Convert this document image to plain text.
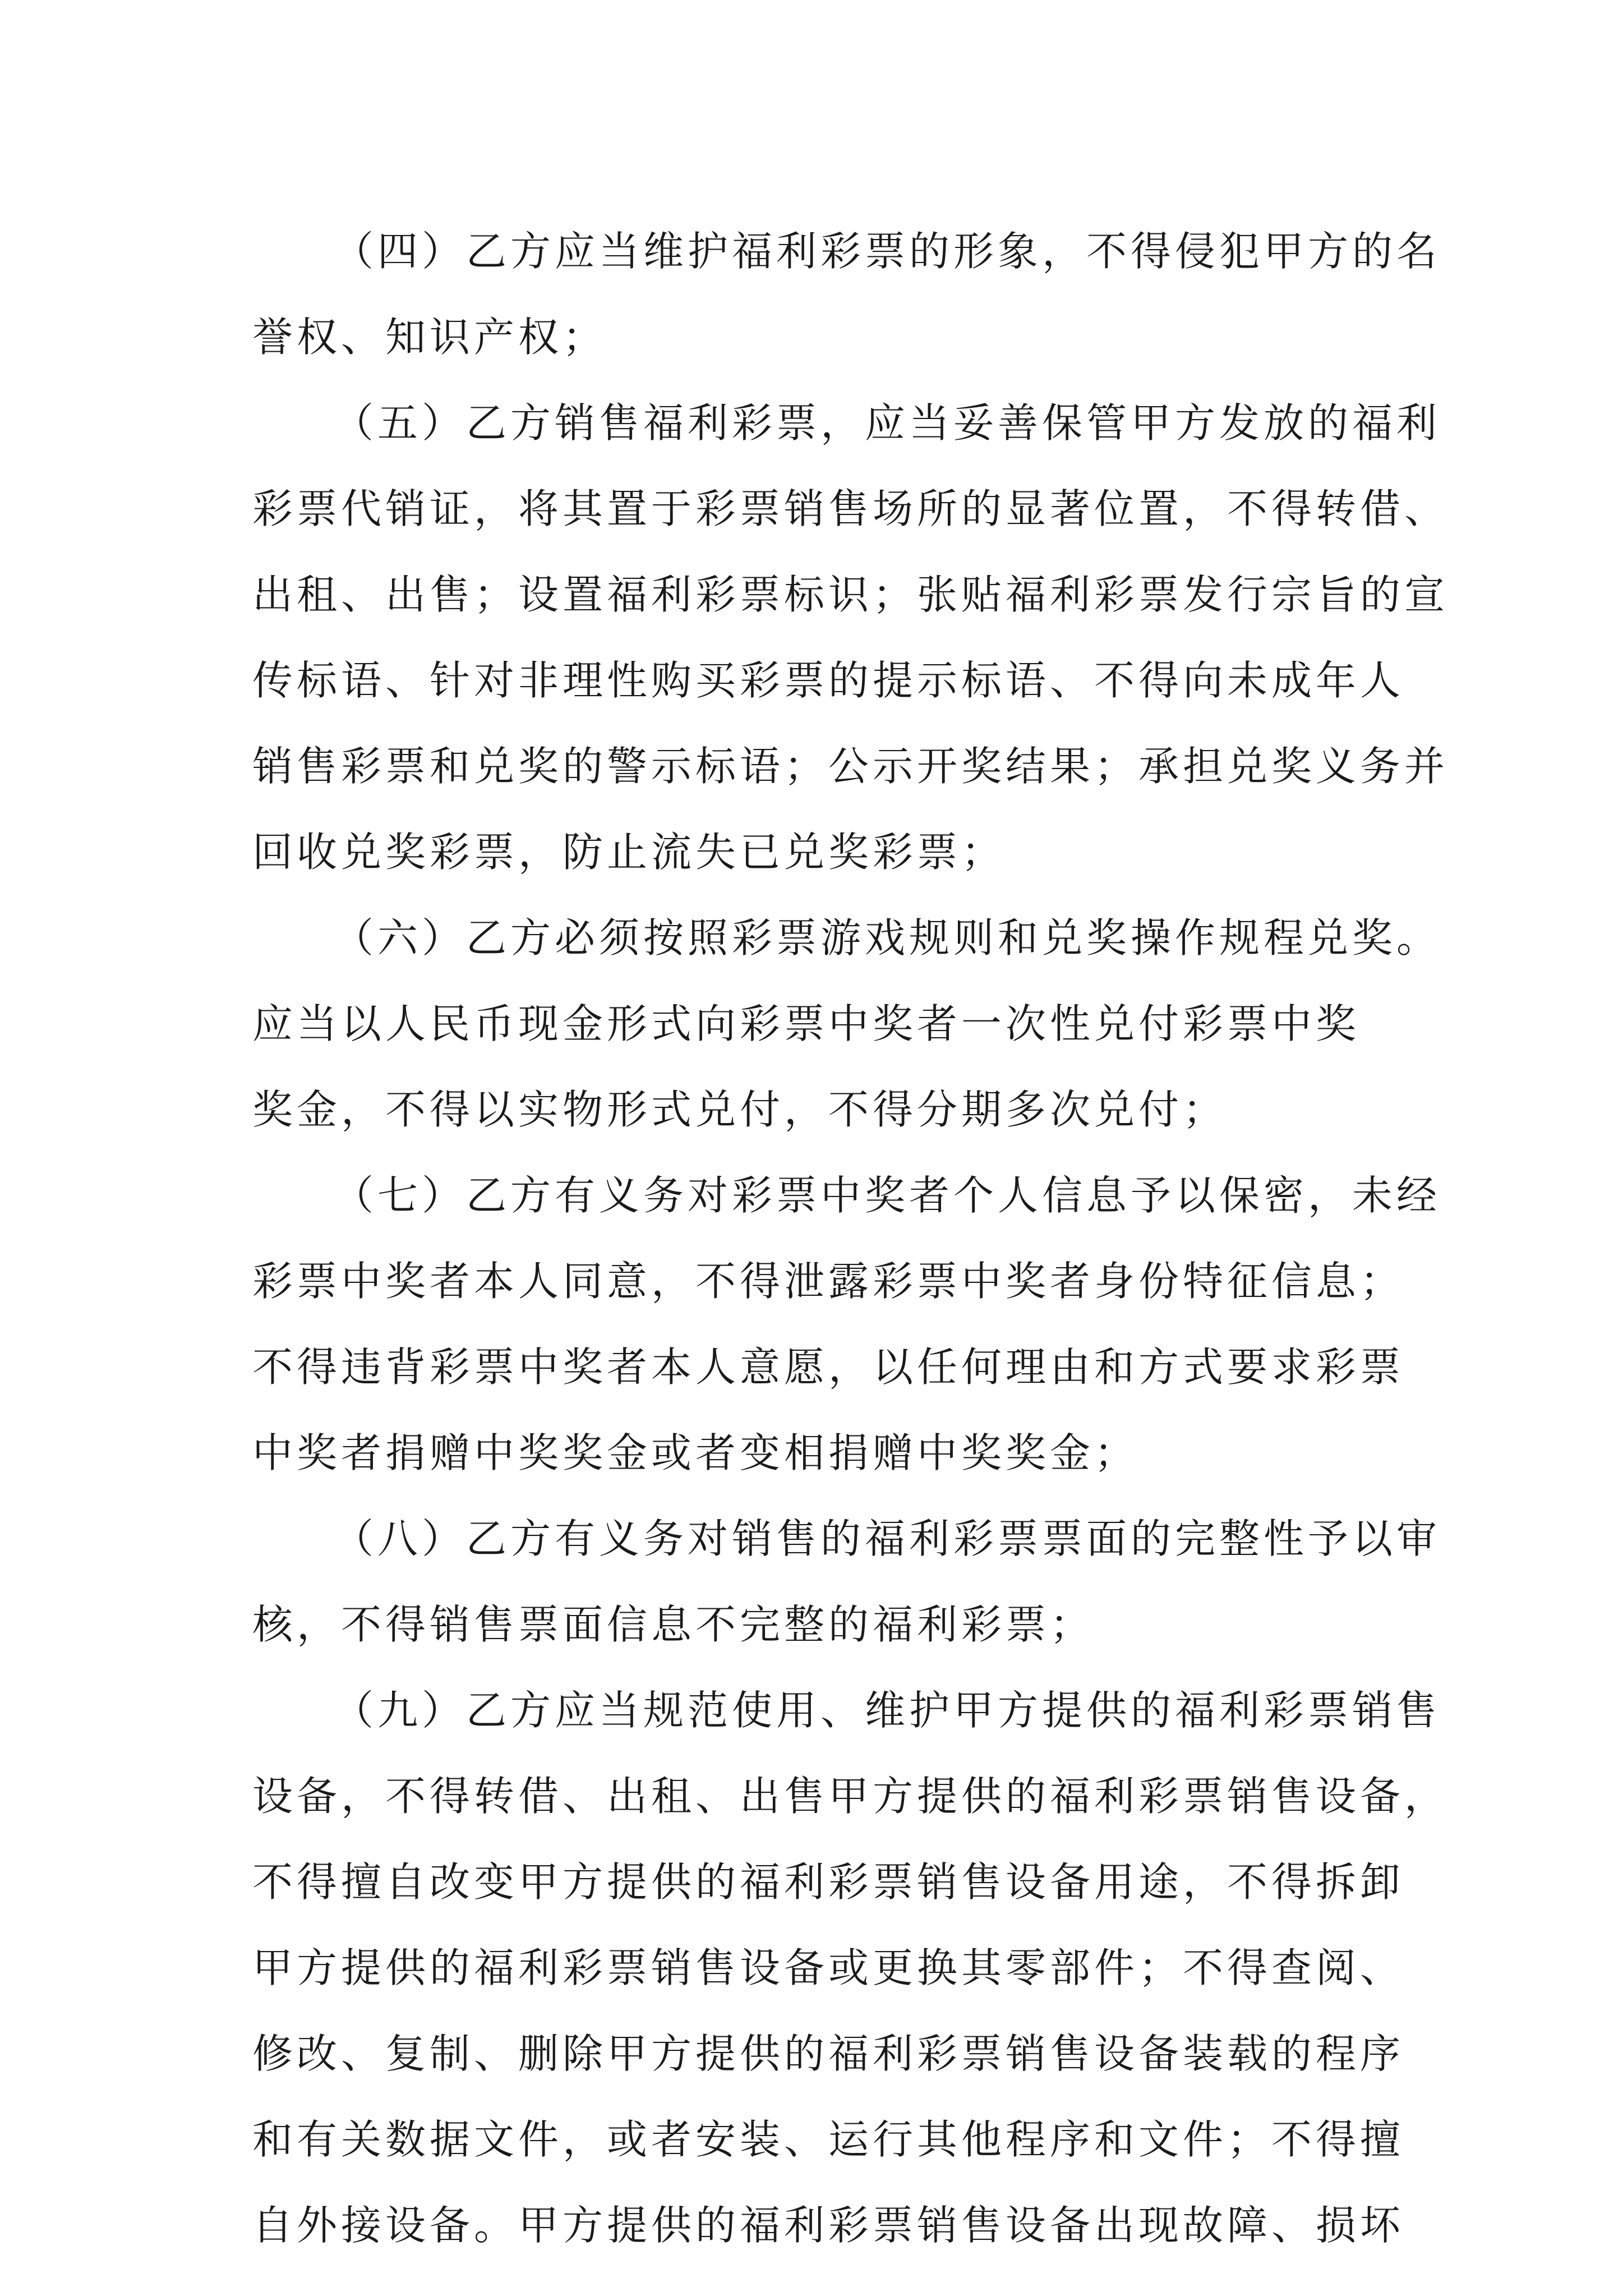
（四）乙方应当维护福利彩票的形象，不得侵犯甲方的名
誉权、知识产权；
（五）乙方销售福利彩票，应当妥善保管甲方发放的福利
彩票代销证，将其置于彩票销售场所的显著位置，不得转借、
出租、出售；设置福利彩票标识；张贴福利彩票发行宗旨的宣
传标语、针对非理性购买彩票的提示标语、不得向未成年人
销售彩票和兑奖的警示标语；公示开奖结果；承担兑奖义务并
回收兑奖彩票，防止流失已兑奖彩票；
（六）乙方必须按照彩票游戏规则和兑奖操作规程兑奖。
应当以人民币现金形式向彩票中奖者一次性兑付彩票中奖
奖金，不得以实物形式兑付，不得分期多次兑付；
（七）乙方有义务对彩票中奖者个人信息予以保密，未经
彩票中奖者本人同意，不得泄露彩票中奖者身份特征信息；
不得违背彩票中奖者本人意愿，以任何理由和方式要求彩票
中奖者捐赠中奖奖金或者变相捐赠中奖奖金；
（八）乙方有义务对销售的福利彩票票面的完整性予以审
核，不得销售票面信息不完整的福利彩票；
（九）乙方应当规范使用、维护甲方提供的福利彩票销售
设备，不得转借、出租、出售甲方提供的福利彩票销售设备，
不得擅自改变甲方提供的福利彩票销售设备用途，不得拆卸
甲方提供的福利彩票销售设备或更换其零部件；不得查阅、
修改、复制、删除甲方提供的福利彩票销售设备装载的程序
和有关数据文件，或者安装、运行其他程序和文件；不得擅
自外接设备。甲方提供的福利彩票销售设备出现故障、损坏
